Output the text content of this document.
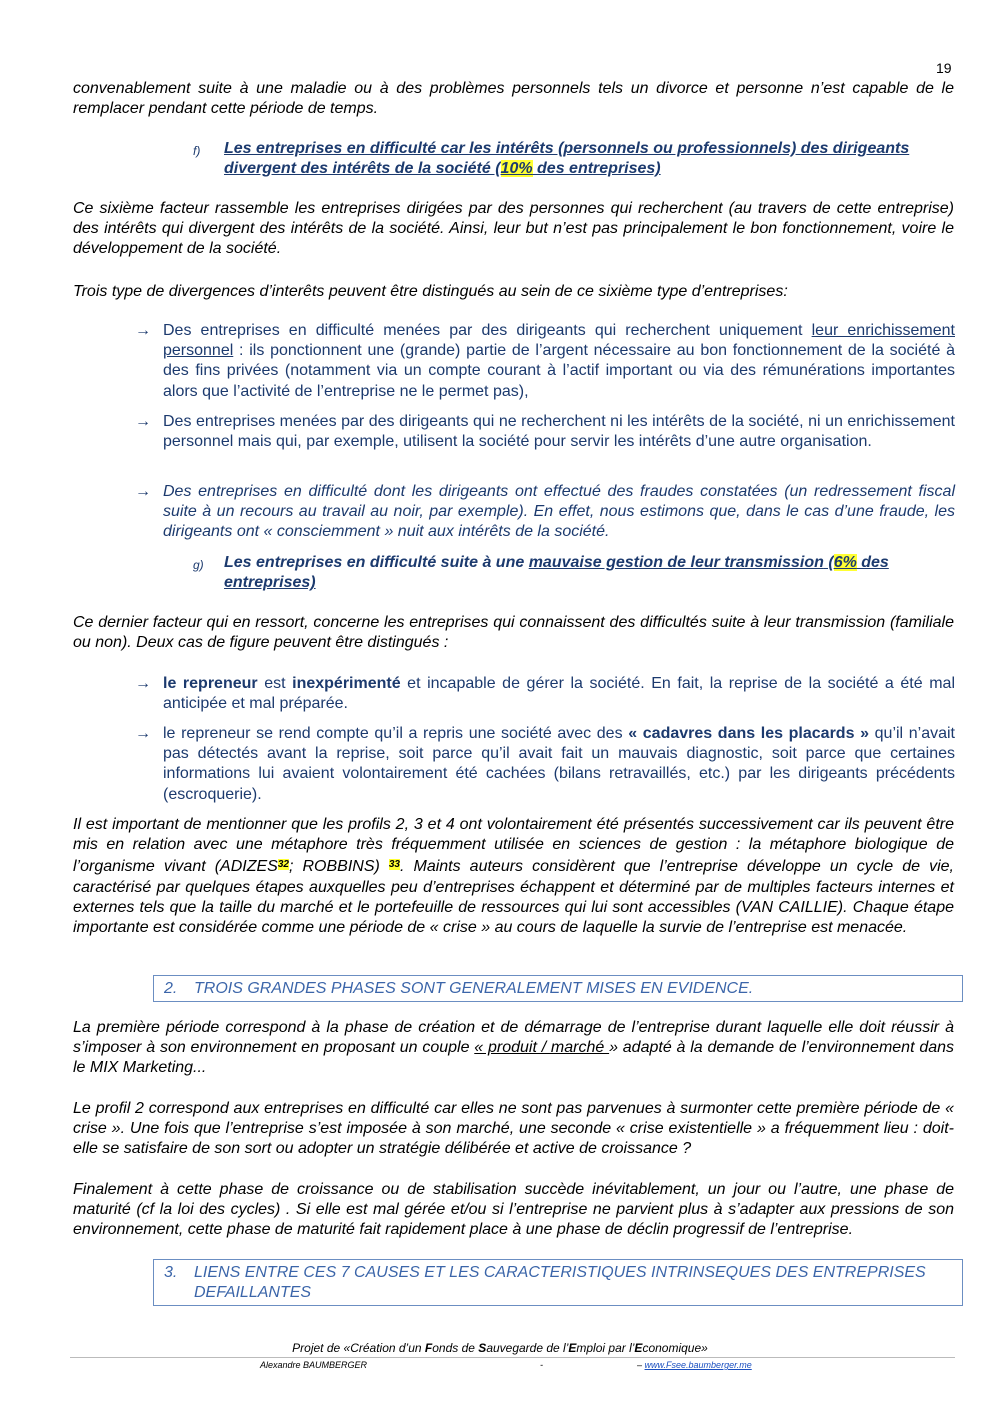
19

convenablement suite à une maladie ou à des problèmes personnels tels un divorce et personne n’est capable de le remplacer pendant cette période de temps.

f) Les entreprises en difficulté car les intérêts (personnels ou professionnels) des dirigeants divergent des intérêts de la société (10% des entreprises)

Ce sixième facteur rassemble les entreprises dirigées par des personnes qui recherchent (au travers de cette entreprise) des intérêts qui divergent des intérêts de la société. Ainsi, leur but n’est pas principalement le bon fonctionnement, voire le développement de la société.

Trois type de divergences d’interêts peuvent être distingués au sein de ce sixième type d’entreprises:

→ Des entreprises en difficulté menées par des dirigeants qui recherchent uniquement leur enrichissement personnel : ils ponctionnent une (grande) partie de l’argent nécessaire au bon fonctionnement de la société à des fins privées (notamment via un compte courant à l’actif important ou via des rémunérations importantes alors que l’activité de l’entreprise ne le permet pas),
→ Des entreprises menées par des dirigeants qui ne recherchent ni les intérêts de la société, ni un enrichissement personnel mais qui, par exemple, utilisent la société pour servir les intérêts d’une autre organisation.
→ Des entreprises en difficulté dont les dirigeants ont effectué des fraudes constatées (un redressement fiscal suite à un recours au travail au noir, par exemple). En effet, nous estimons que, dans le cas d’une fraude, les dirigeants ont « consciemment » nuit aux intérêts de la société.
g) Les entreprises en difficulté suite à une mauvaise gestion de leur transmission (6% des entreprises)

Ce dernier facteur qui en ressort, concerne les entreprises qui connaissent des difficultés suite à leur transmission (familiale ou non). Deux cas de figure peuvent être distingués :

→ le repreneur est inexpérimenté et incapable de gérer la société. En fait, la reprise de la société a été mal anticipée et mal préparée.
→ le repreneur se rend compte qu’il a repris une société avec des « cadavres dans les placards » qu’il n’avait pas détectés avant la reprise, soit parce qu’il avait fait un mauvais diagnostic, soit parce que certaines informations lui avaient volontairement été cachées (bilans retravaillés, etc.) par les dirigeants précédents (escroquerie).

Il est important de mentionner que les profils 2, 3 et 4 ont volontairement été présentés successivement car ils peuvent être mis en relation avec une métaphore très fréquemment utilisée en sciences de gestion : la métaphore biologique de l’organisme vivant (ADIZES$^{32}$; ROBBINS) $^{33}$. Maints auteurs considèrent que l’entreprise développe un cycle de vie, caractérisé par quelques étapes auxquelles peu d’entreprises échappent et déterminé par de multiples facteurs internes et externes tels que la taille du marché et le portefeuille de ressources qui lui sont accessibles (VAN CAILLIE). Chaque étape importante est considérée comme une période de « crise » au cours de laquelle la survie de l’entreprise est menacée.

2. TROIS GRANDES PHASES SONT GENERALEMENT MISES EN EVIDENCE.

La première période correspond à la phase de création et de démarrage de l’entreprise durant laquelle elle doit réussir à s’imposer à son environnement en proposant un couple « produit / marché » adapté à la demande de l’environnement dans le MIX Marketing...

Le profil 2 correspond aux entreprises en difficulté car elles ne sont pas parvenues à surmonter cette première période de « crise ». Une fois que l’entreprise s’est imposée à son marché, une seconde « crise existentielle » a fréquemment lieu : doit-elle se satisfaire de son sort ou adopter un stratégie délibérée et active de croissance ?

Finalement à cette phase de croissance ou de stabilisation succède inévitablement, un jour ou l’autre, une phase de maturité (cf la loi des cycles) . Si elle est mal gérée et/ou si l’entreprise ne parvient plus à s’adapter aux pressions de son environnement, cette phase de maturité fait rapidement place à une phase de déclin progressif de l’entreprise.

3. LIENS ENTRE CES 7 CAUSES ET LES CARACTERISTIQUES INTRINSEQUES DES ENTREPRISES DEFAILLANTES
Projet de «Création d’un Fonds de Sauvegarde de l’Emploi par l’Economique»
Alexandre BAUMBERGER	-	– www.Fsee.baumberger.me
